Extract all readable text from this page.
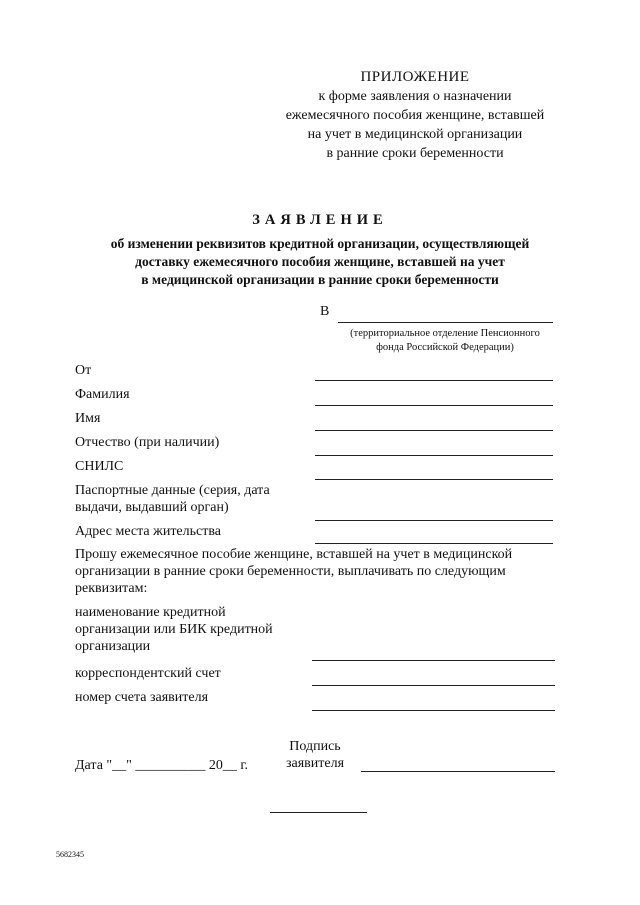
ПРИЛОЖЕНИЕ
к форме заявления о назначении
ежемесячного пособия женщине, вставшей
на учет в медицинской организации
в ранние сроки беременности
ЗАЯВЛЕНИЕ
об изменении реквизитов кредитной организации, осуществляющей
доставку ежемесячного пособия женщине, вставшей на учет
в медицинской организации в ранние сроки беременности
В
(территориальное отделение Пенсионного
фонда Российской Федерации)
От
Фамилия
Имя
Отчество (при наличии)
СНИЛС
Паспортные данные (серия, дата
выдачи, выдавший орган)
Адрес места жительства
Прошу ежемесячное пособие женщине, вставшей на учет в медицинской
организации в ранние сроки беременности, выплачивать по следующим
реквизитам:
наименование кредитной
организации или БИК кредитной
организации
корреспондентский счет
номер счета заявителя
Дата "__" __________ 20__ г.
Подпись
заявителя
5682345
